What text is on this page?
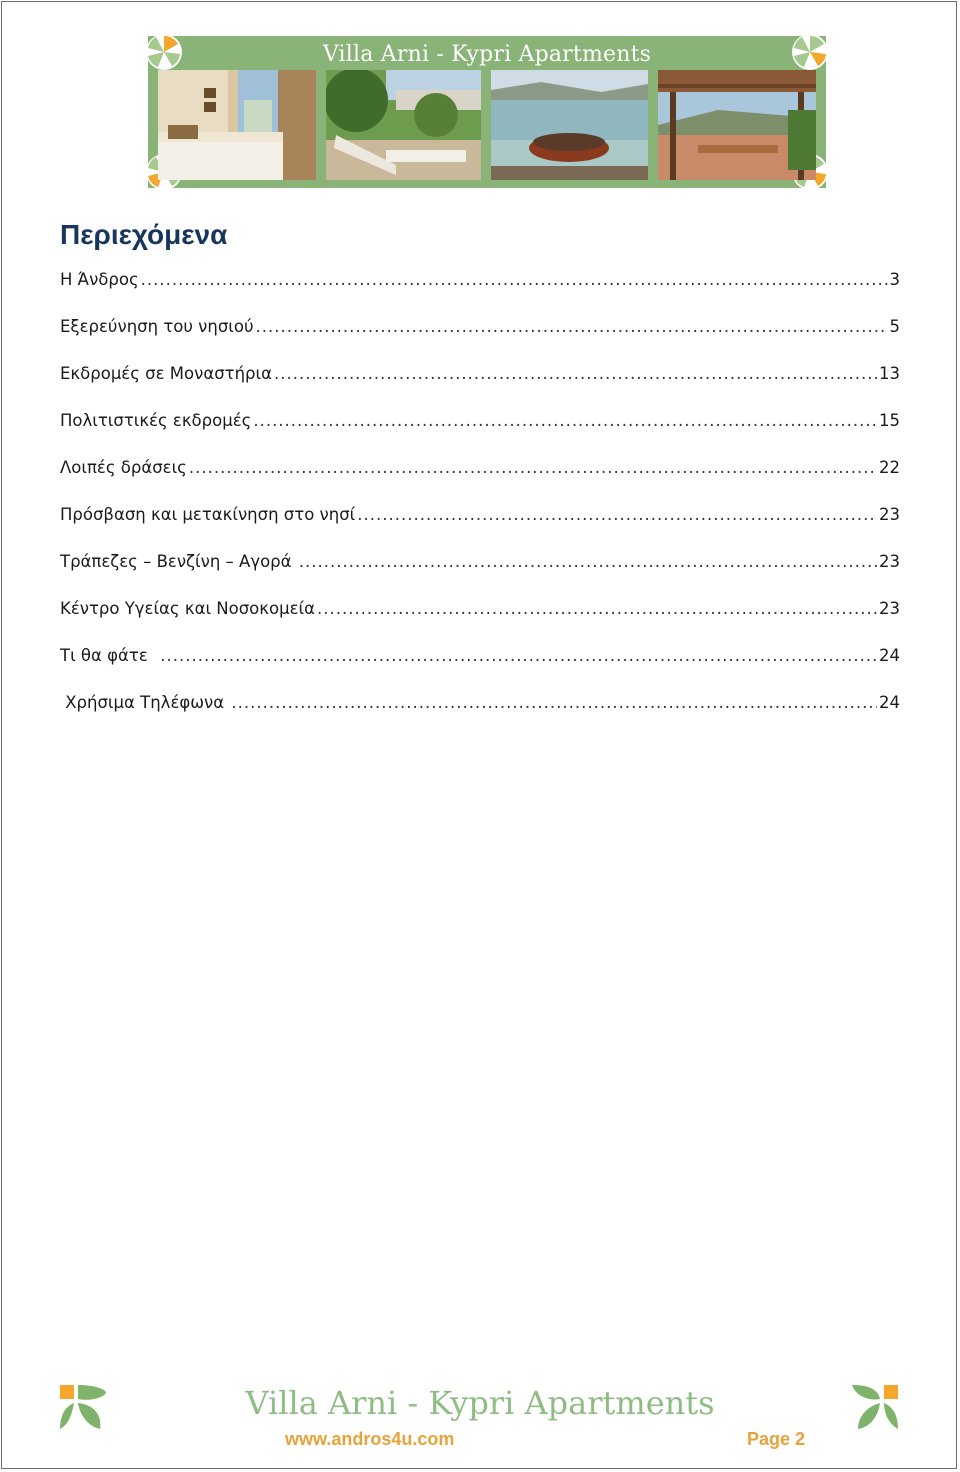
Villa Arni - Kypri Apartments
Περιεχόμενα
Η Άνδρος .....	3
Εξερεύνηση του νησιού .....	5
Εκδρομές σε Μοναστήρια .....	13
Πολιτιστικές εκδρομές .....	15
Λοιπές δράσεις .....	22
Πρόσβαση και μετακίνηση στο νησί .....	23
Τράπεζες – Βενζίνη – Αγορά .....	23
Κέντρο Υγείας και Νοσοκομεία .....	23
Τι θα φάτε .....	24
Χρήσιμα Τηλέφωνα .....	24
Villa Arni - Kypri Apartments
www.andros4u.com	Page 2
